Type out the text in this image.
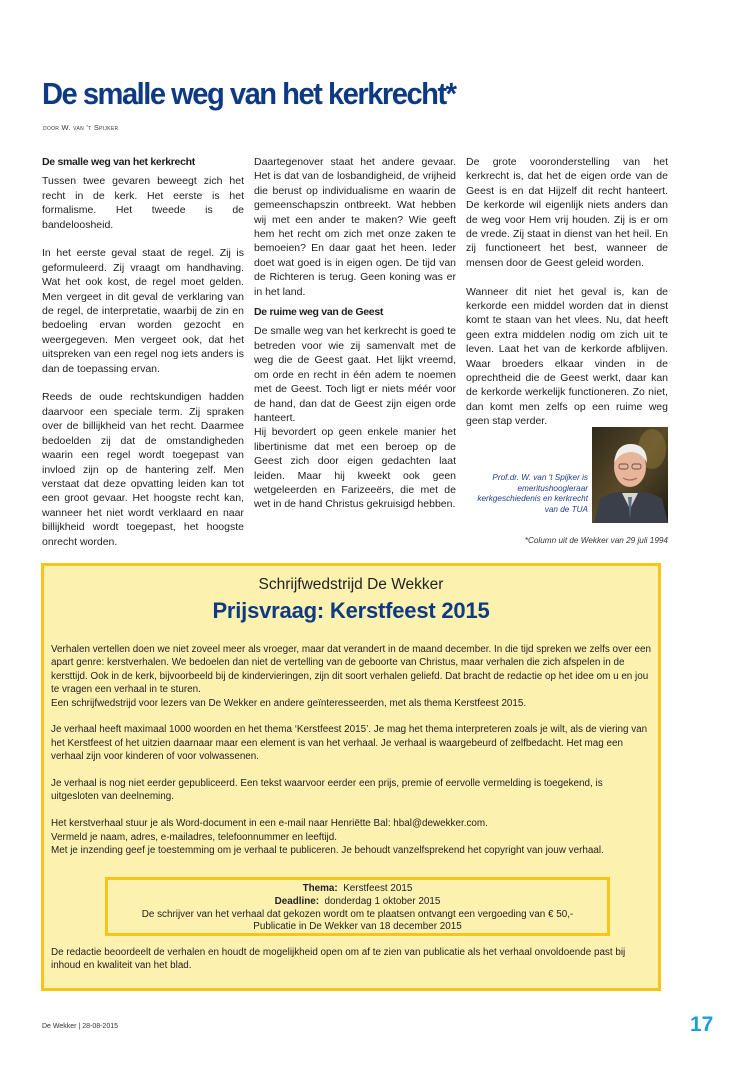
De smalle weg van het kerkrecht*
door W. van 't Spijker

De smalle weg van het kerkrecht

Tussen twee gevaren beweegt zich het recht in de kerk. Het eerste is het formalisme. Het tweede is de bandeloosheid.

In het eerste geval staat de regel. Zij is geformuleerd. Zij vraagt om handhaving. Wat het ook kost, de regel moet gelden. Men vergeet in dit geval de verklaring van de regel, de interpretatie, waarbij de zin en bedoeling ervan worden gezocht en weergegeven. Men vergeet ook, dat het uitspreken van een regel nog iets anders is dan de toepassing ervan.

Reeds de oude rechtskundigen hadden daarvoor een speciale term. Zij spraken over de billijkheid van het recht. Daarmee bedoelden zij dat de omstandigheden waarin een regel wordt toegepast van invloed zijn op de hantering zelf. Men verstaat dat deze opvatting leiden kan tot een groot gevaar. Het hoogste recht kan, wanneer het niet wordt verklaard en naar billijkheid wordt toegepast, het hoogste onrecht worden.

Daartegenover staat het andere gevaar. Het is dat van de losbandigheid, de vrijheid die berust op individualisme en waarin de gemeenschapszin ontbreekt. Wat hebben wij met een ander te maken? Wie geeft hem het recht om zich met onze zaken te bemoeien? En daar gaat het heen. Ieder doet wat goed is in eigen ogen. De tijd van de Richteren is terug. Geen koning was er in het land.

De ruime weg van de Geest

De smalle weg van het kerkrecht is goed te betreden voor wie zij samenvalt met de weg die de Geest gaat. Het lijkt vreemd, om orde en recht in één adem te noemen met de Geest. Toch ligt er niets méér voor de hand, dan dat de Geest zijn eigen orde hanteert.

Hij bevordert op geen enkele manier het libertinisme dat met een beroep op de Geest zich door eigen gedachten laat leiden. Maar hij kweekt ook geen wetgeleerden en Farizeeërs, die met de wet in de hand Christus gekruisigd hebben.

De grote vooronderstelling van het kerkrecht is, dat het de eigen orde van de Geest is en dat Hijzelf dit recht hanteert. De kerkorde wil eigenlijk niets anders dan de weg voor Hem vrij houden. Zij is er om de vrede. Zij staat in dienst van het heil. En zij functioneert het best, wanneer de mensen door de Geest geleid worden.

Wanneer dit niet het geval is, kan de kerkorde een middel worden dat in dienst komt te staan van het vlees. Nu, dat heeft geen extra middelen nodig om zich uit te leven. Laat het van de kerkorde afblijven. Waar broeders elkaar vinden in de oprechtheid die de Geest werkt, daar kan de kerkorde werkelijk functioneren. Zo niet, dan komt men zelfs op een ruime weg geen stap verder.

Prof.dr. W. van 't Spijker is emeritushoogleraar kerkgeschiedenis en kerkrecht van de TUA
*Column uit de Wekker van 29 juli 1994
Schrijfwedstrijd De Wekker
Prijsvraag: Kerstfeest 2015

Verhalen vertellen doen we niet zoveel meer als vroeger, maar dat verandert in de maand december. In die tijd spreken we zelfs over een apart genre: kerstverhalen. We bedoelen dan niet de vertelling van de geboorte van Christus, maar verhalen die zich afspelen in de kersttijd. Ook in de kerk, bijvoorbeeld bij de kindervieringen, zijn dit soort verhalen geliefd. Dat bracht de redactie op het idee om u en jou te vragen een verhaal in te sturen.

Een schrijfwedstrijd voor lezers van De Wekker en andere geïnteresseerden, met als thema Kerstfeest 2015.

Je verhaal heeft maximaal 1000 woorden en het thema ‘Kerstfeest 2015’. Je mag het thema interpreteren zoals je wilt, als de viering van het Kerstfeest of het uitzien daarnaar maar een element is van het verhaal. Je verhaal is waargebeurd of zelfbedacht. Het mag een verhaal zijn voor kinderen of voor volwassenen.

Je verhaal is nog niet eerder gepubliceerd. Een tekst waarvoor eerder een prijs, premie of eervolle vermelding is toegekend, is uitgesloten van deelneming.

Het kerstverhaal stuur je als Word-document in een e-mail naar Henriëtte Bal: hbal@dewekker.com.

Vermeld je naam, adres, e-mailadres, telefoonnummer en leeftijd.

Met je inzending geef je toestemming om je verhaal te publiceren. Je behoudt vanzelfsprekend het copyright van jouw verhaal.

Thema: Kerstfeest 2015
Deadline: donderdag 1 oktober 2015
De schrijver van het verhaal dat gekozen wordt om te plaatsen ontvangt een vergoeding van € 50,-
Publicatie in De Wekker van 18 december 2015
De redactie beoordeelt de verhalen en houdt de mogelijkheid open om af te zien van publicatie als het verhaal onvoldoende past bij inhoud en kwaliteit van het blad.
De Wekker | 28-08-2015	17
